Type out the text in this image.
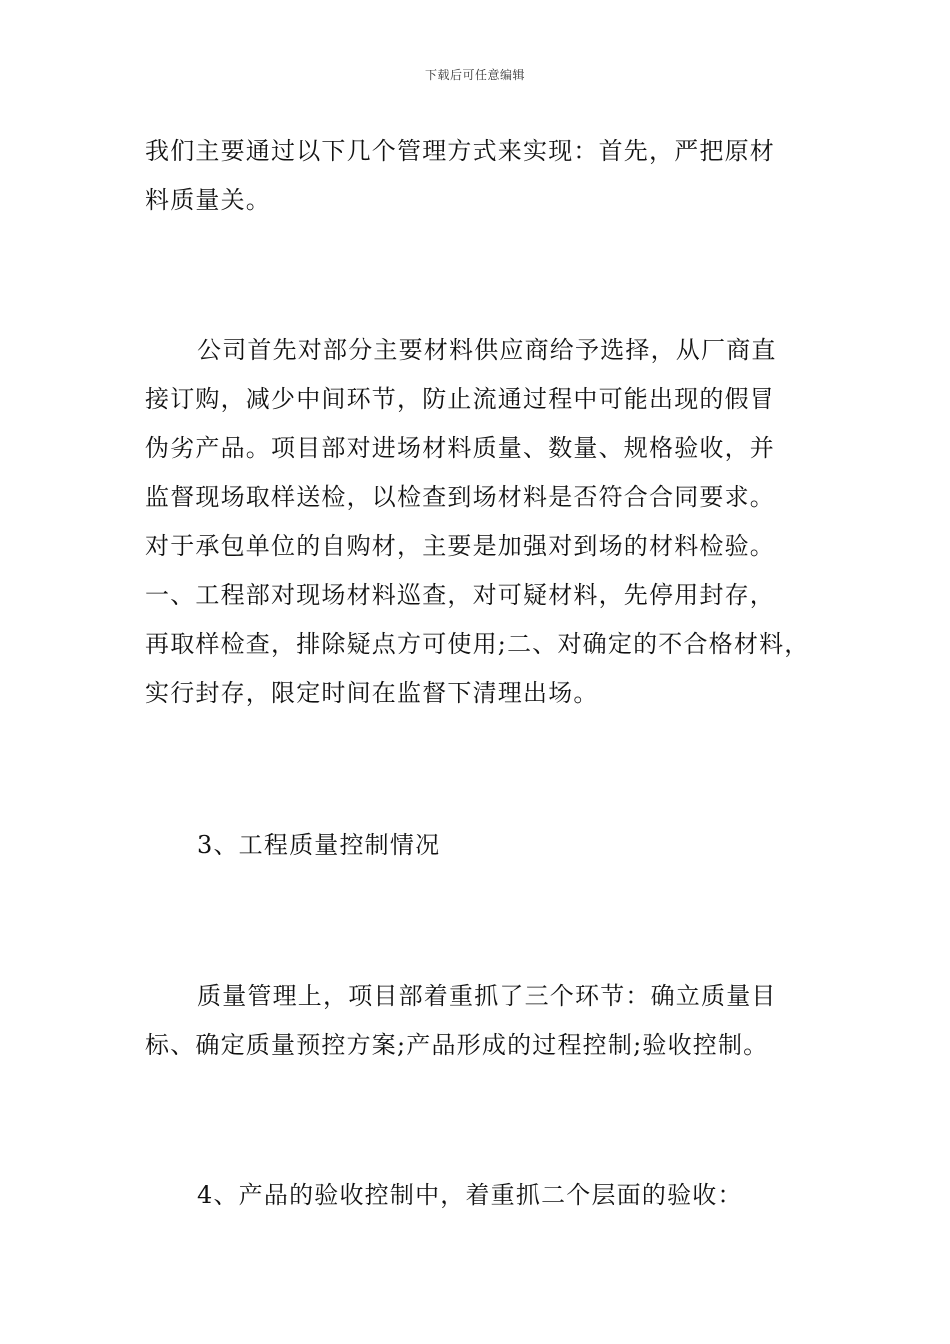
下载后可任意编辑
我们主要通过以下几个管理方式来实现：首先，严把原材
料质量关。
公司首先对部分主要材料供应商给予选择，从厂商直
接订购，减少中间环节，防止流通过程中可能出现的假冒
伪劣产品。项目部对进场材料质量、数量、规格验收，并
监督现场取样送检，以检查到场材料是否符合合同要求。
对于承包单位的自购材，主要是加强对到场的材料检验。
一、工程部对现场材料巡查，对可疑材料，先停用封存，
再取样检查，排除疑点方可使用;二、对确定的不合格材料，
实行封存，限定时间在监督下清理出场。
3、工程质量控制情况
质量管理上，项目部着重抓了三个环节：确立质量目
标、确定质量预控方案;产品形成的过程控制;验收控制。
4、产品的验收控制中，着重抓二个层面的验收：
